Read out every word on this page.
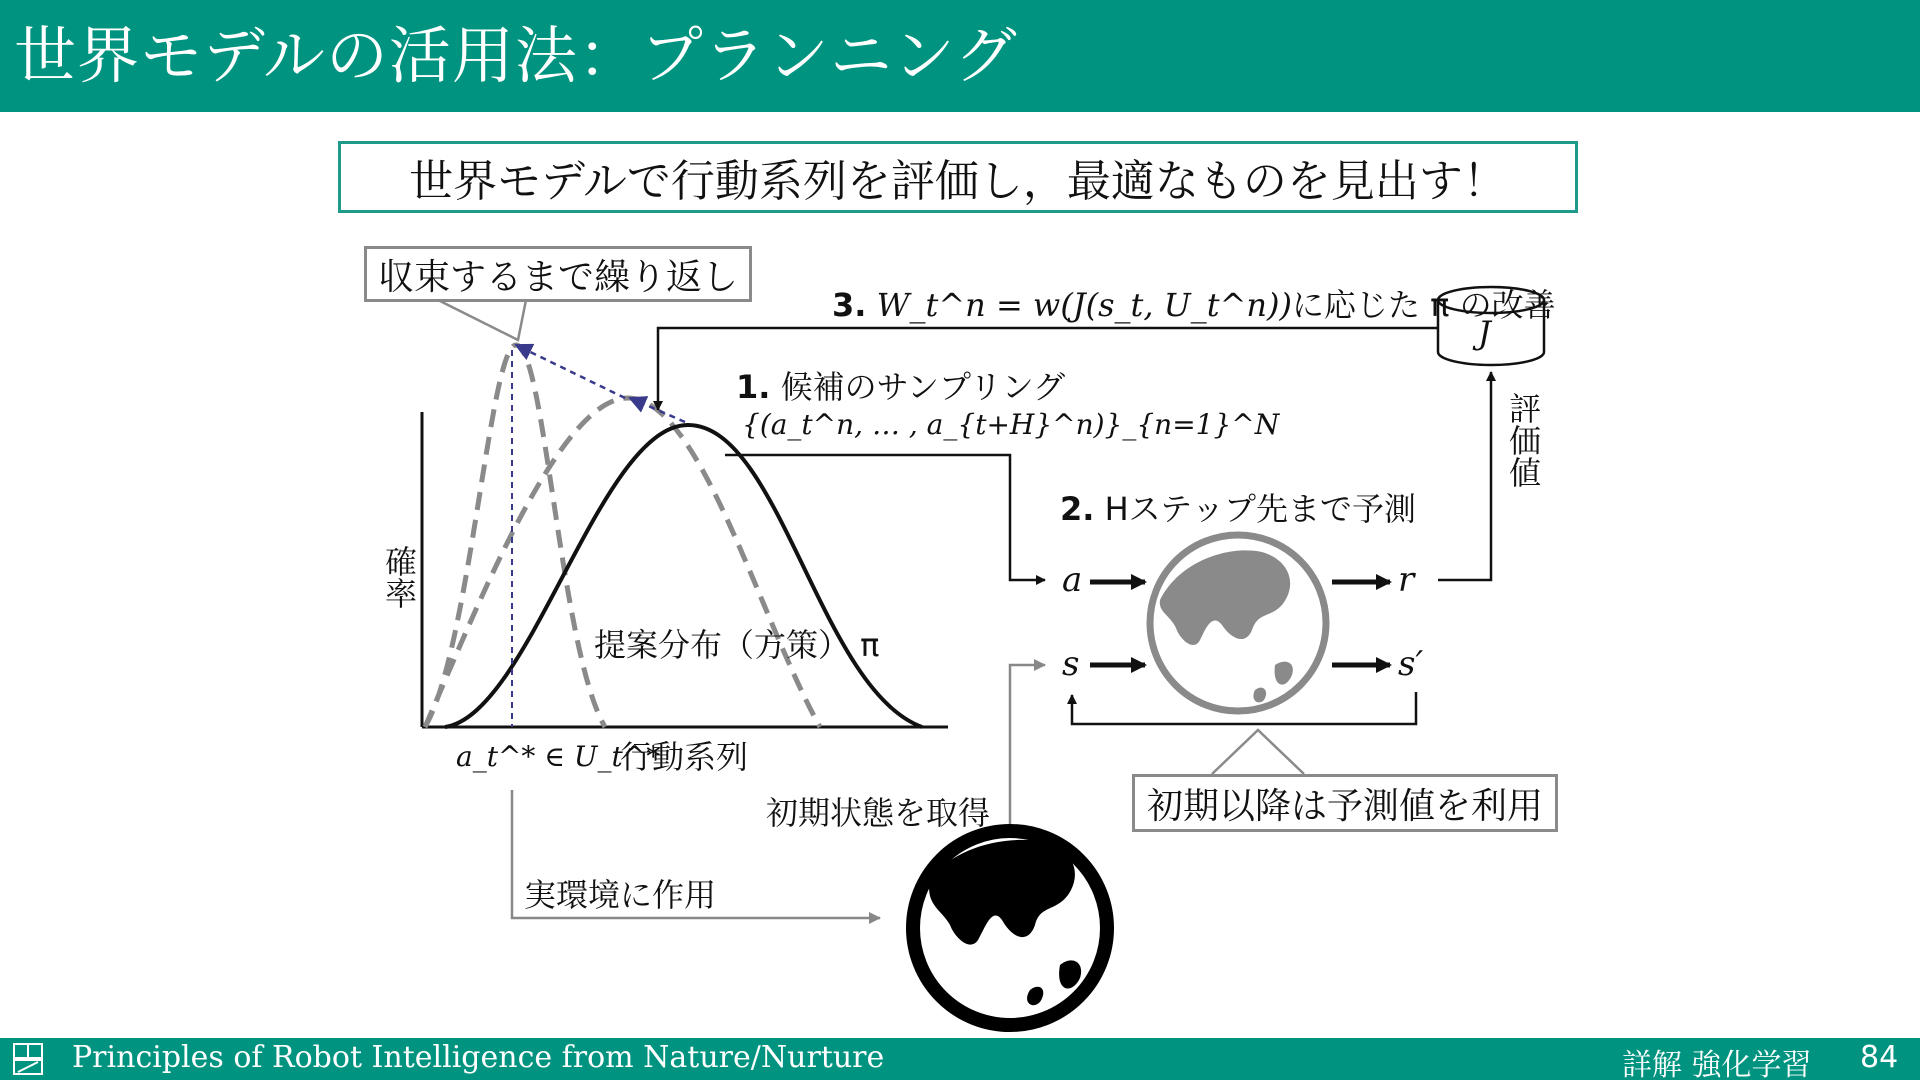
世界モデルの活用法：プランニング
世界モデルで行動系列を評価し，最適なものを見出す！
収束するまで繰り返し
3. W_t^n = w(J(s_t, U_t^n))に応じた π の改善
J
評価値
1. 候補のサンプリング
{(a_t^n, … , a_{t+H}^n)}_{n=1}^N
2. Hステップ先まで予測
確率
行動系列
提案分布（方策） π
a_t^* ∈ U_t^*
a
s
r
s′
初期状態を取得	初期以降は予測値を利用
実環境に作用
Principles of Robot Intelligence from Nature/Nurture	詳解 強化学習 84
